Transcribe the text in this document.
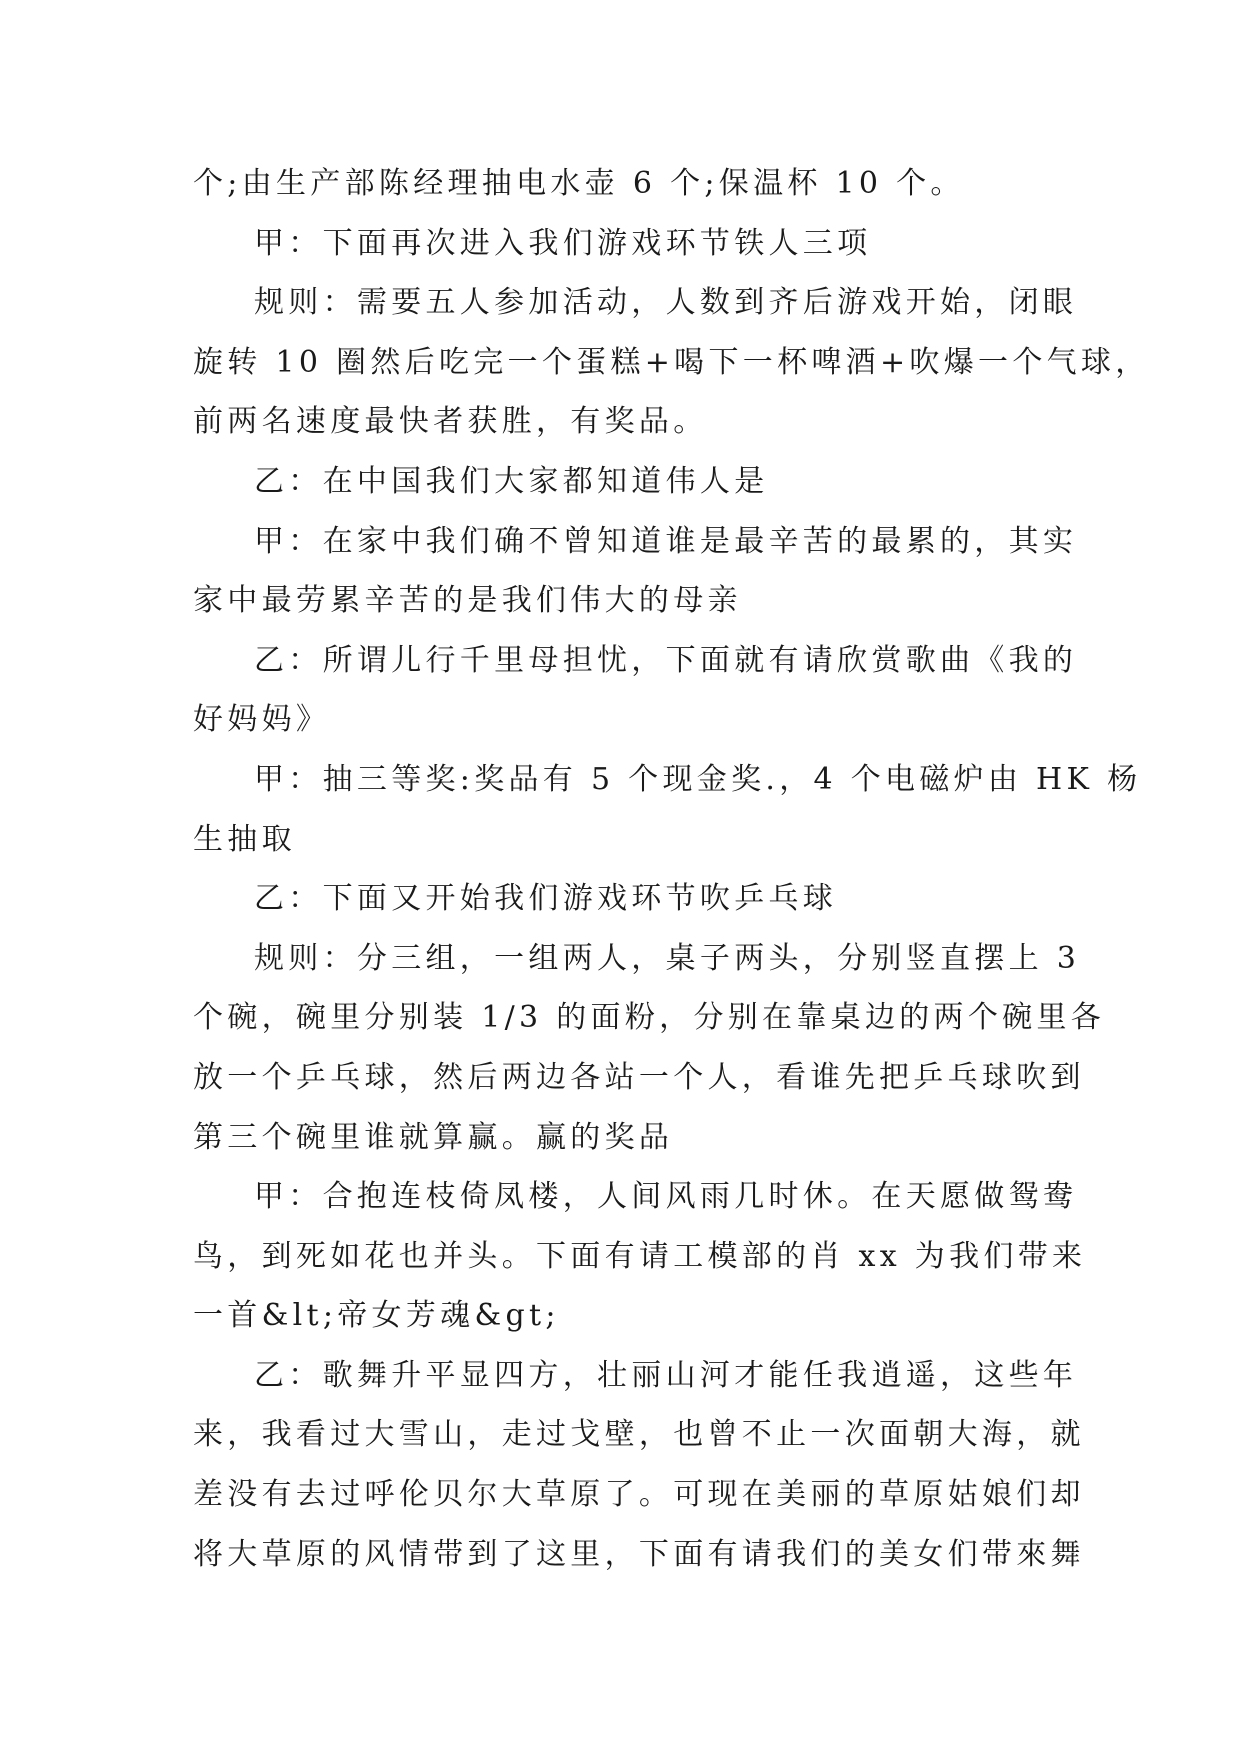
个;由生产部陈经理抽电水壶 6 个;保温杯 10 个。
甲：下面再次进入我们游戏环节铁人三项
规则：需要五人参加活动，人数到齐后游戏开始，闭眼
旋转 10 圈然后吃完一个蛋糕+喝下一杯啤酒+吹爆一个气球，
前两名速度最快者获胜，有奖品。
乙：在中国我们大家都知道伟人是
甲：在家中我们确不曾知道谁是最辛苦的最累的，其实
家中最劳累辛苦的是我们伟大的母亲
乙：所谓儿行千里母担忧，下面就有请欣赏歌曲《我的
好妈妈》
甲：抽三等奖:奖品有 5 个现金奖.，4 个电磁炉由 HK 杨
生抽取
乙：下面又开始我们游戏环节吹乒乓球
规则：分三组，一组两人，桌子两头，分别竖直摆上 3
个碗，碗里分别装 1/3 的面粉，分别在靠桌边的两个碗里各
放一个乒乓球，然后两边各站一个人，看谁先把乒乓球吹到
第三个碗里谁就算赢。赢的奖品
甲：合抱连枝倚凤楼，人间风雨几时休。在天愿做鸳鸯
鸟，到死如花也并头。下面有请工模部的肖 xx 为我们带来
一首&lt;帝女芳魂&gt;
乙：歌舞升平显四方，壮丽山河才能任我逍遥，这些年
来，我看过大雪山，走过戈壁，也曾不止一次面朝大海，就
差没有去过呼伦贝尔大草原了。可现在美丽的草原姑娘们却
将大草原的风情带到了这里，下面有请我们的美女们带來舞
